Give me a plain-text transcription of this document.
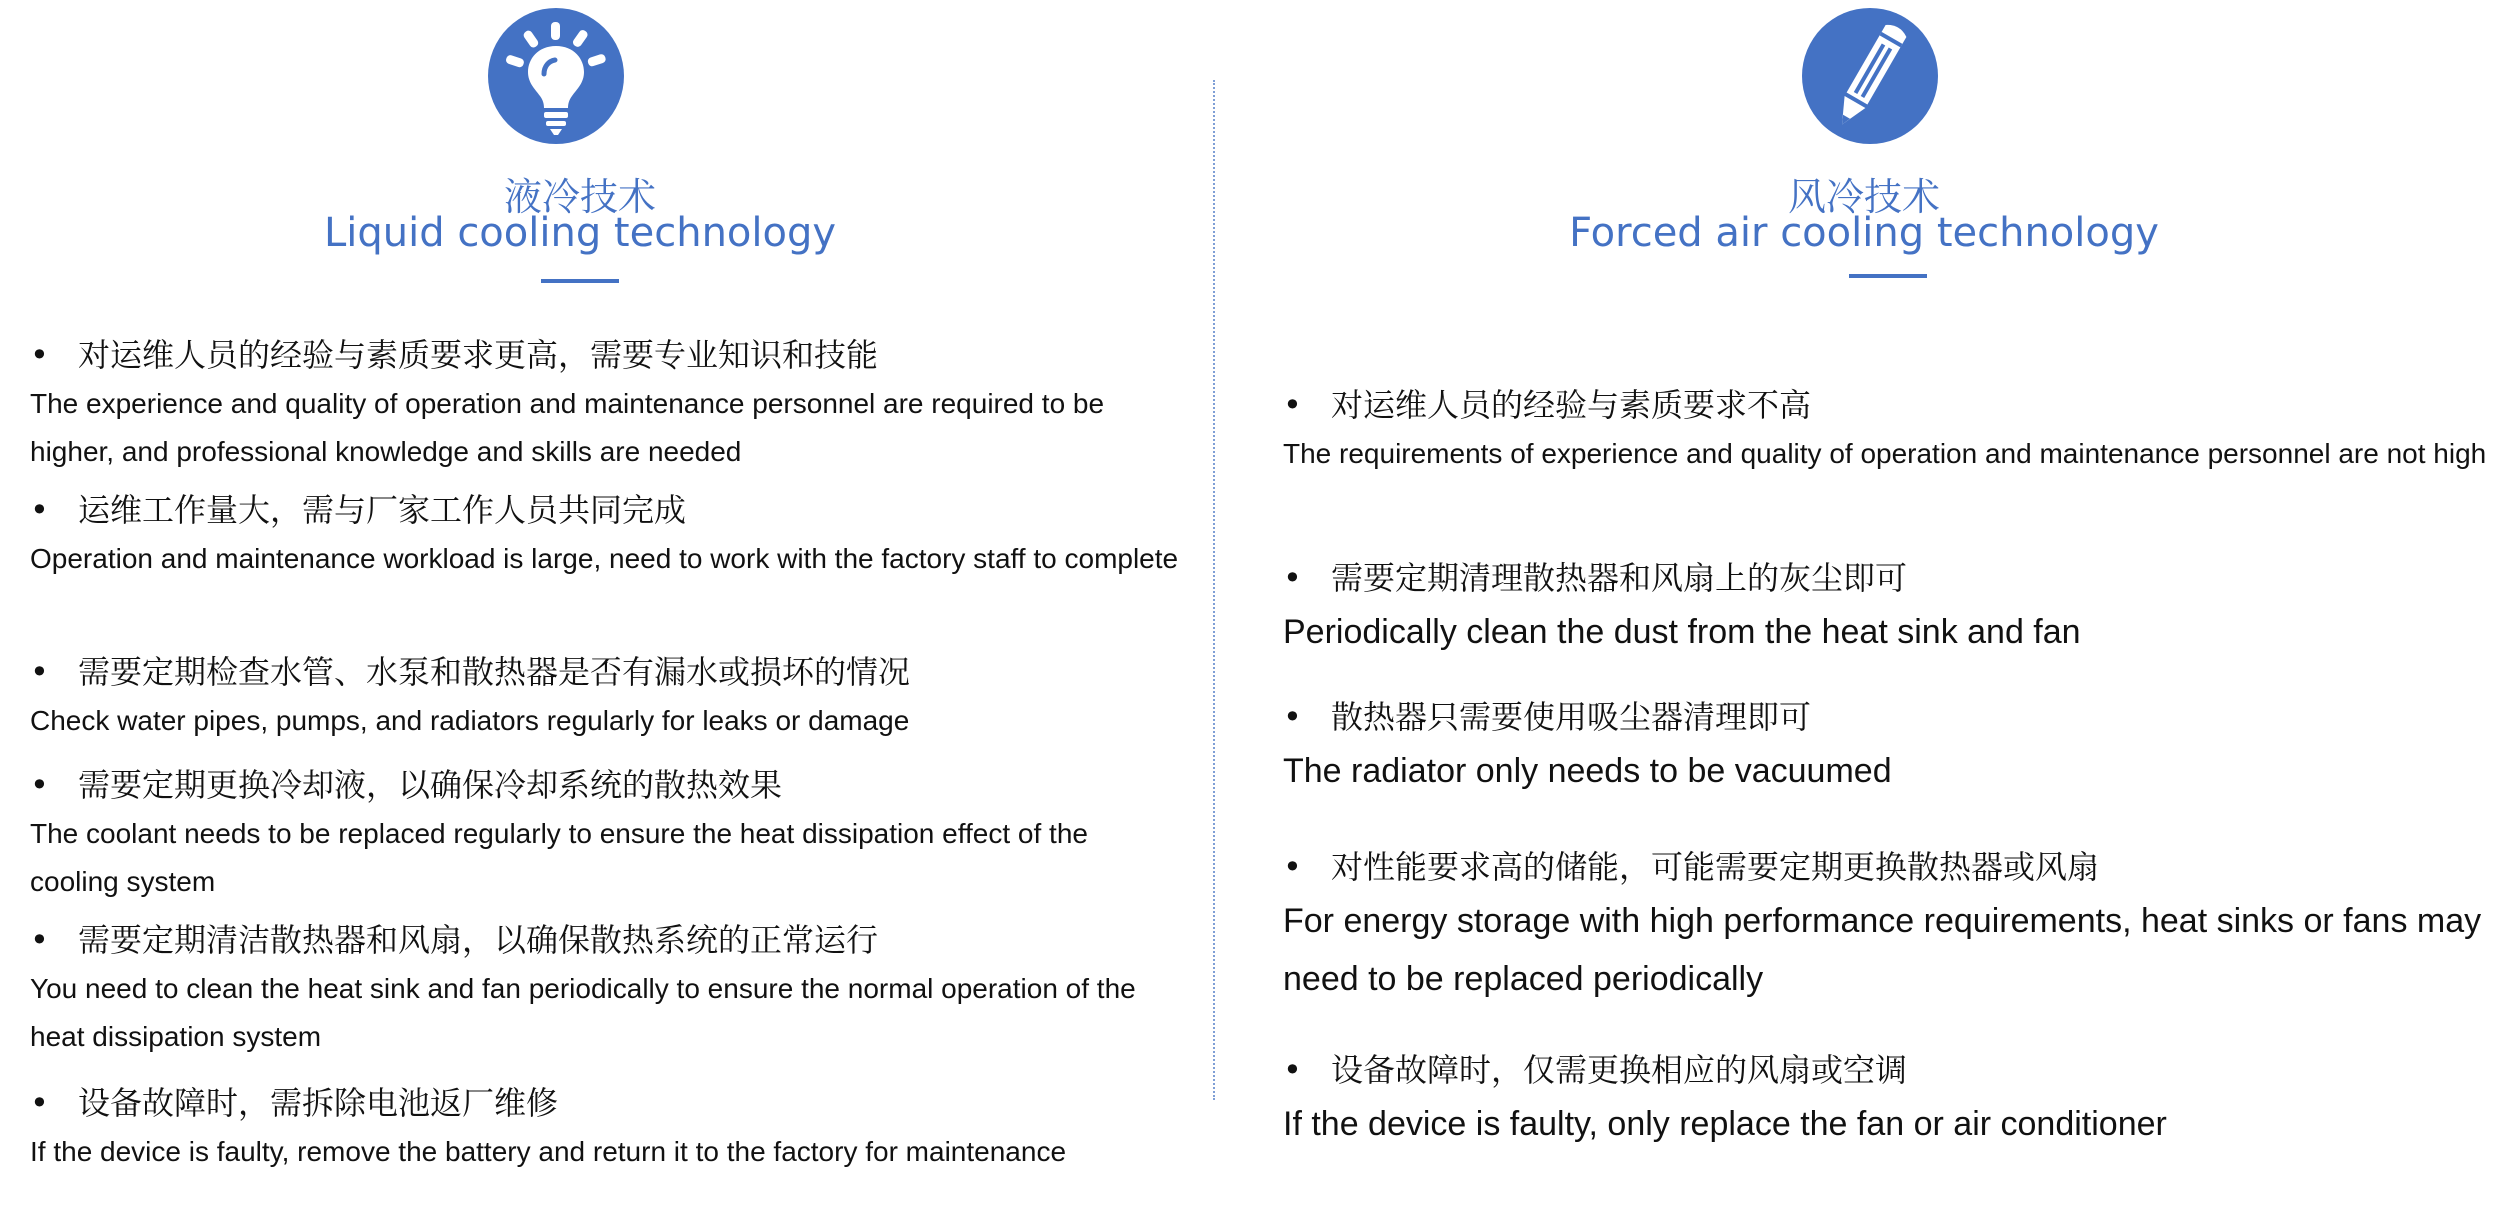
液冷技术
Liquid cooling technology
• 对运维人员的经验与素质要求更高，需要专业知识和技能
The experience and quality of operation and maintenance personnel are required to be higher, and professional knowledge and skills are needed
• 运维工作量大，需与厂家工作人员共同完成
Operation and maintenance workload is large, need to work with the factory staff to complete
• 需要定期检查水管、水泵和散热器是否有漏水或损坏的情况
Check water pipes, pumps, and radiators regularly for leaks or damage
• 需要定期更换冷却液，以确保冷却系统的散热效果
The coolant needs to be replaced regularly to ensure the heat dissipation effect of the cooling system
• 需要定期清洁散热器和风扇，以确保散热系统的正常运行
You need to clean the heat sink and fan periodically to ensure the normal operation of the heat dissipation system
• 设备故障时，需拆除电池返厂维修
If the device is faulty, remove the battery and return it to the factory for maintenance
风冷技术
Forced air cooling technology
• 对运维人员的经验与素质要求不高
The requirements of experience and quality of operation and maintenance personnel are not high
• 需要定期清理散热器和风扇上的灰尘即可
Periodically clean the dust from the heat sink and fan
• 散热器只需要使用吸尘器清理即可
The radiator only needs to be vacuumed
• 对性能要求高的储能，可能需要定期更换散热器或风扇
For energy storage with high performance requirements, heat sinks or fans may need to be replaced periodically
• 设备故障时，仅需更换相应的风扇或空调
If the device is faulty, only replace the fan or air conditioner
